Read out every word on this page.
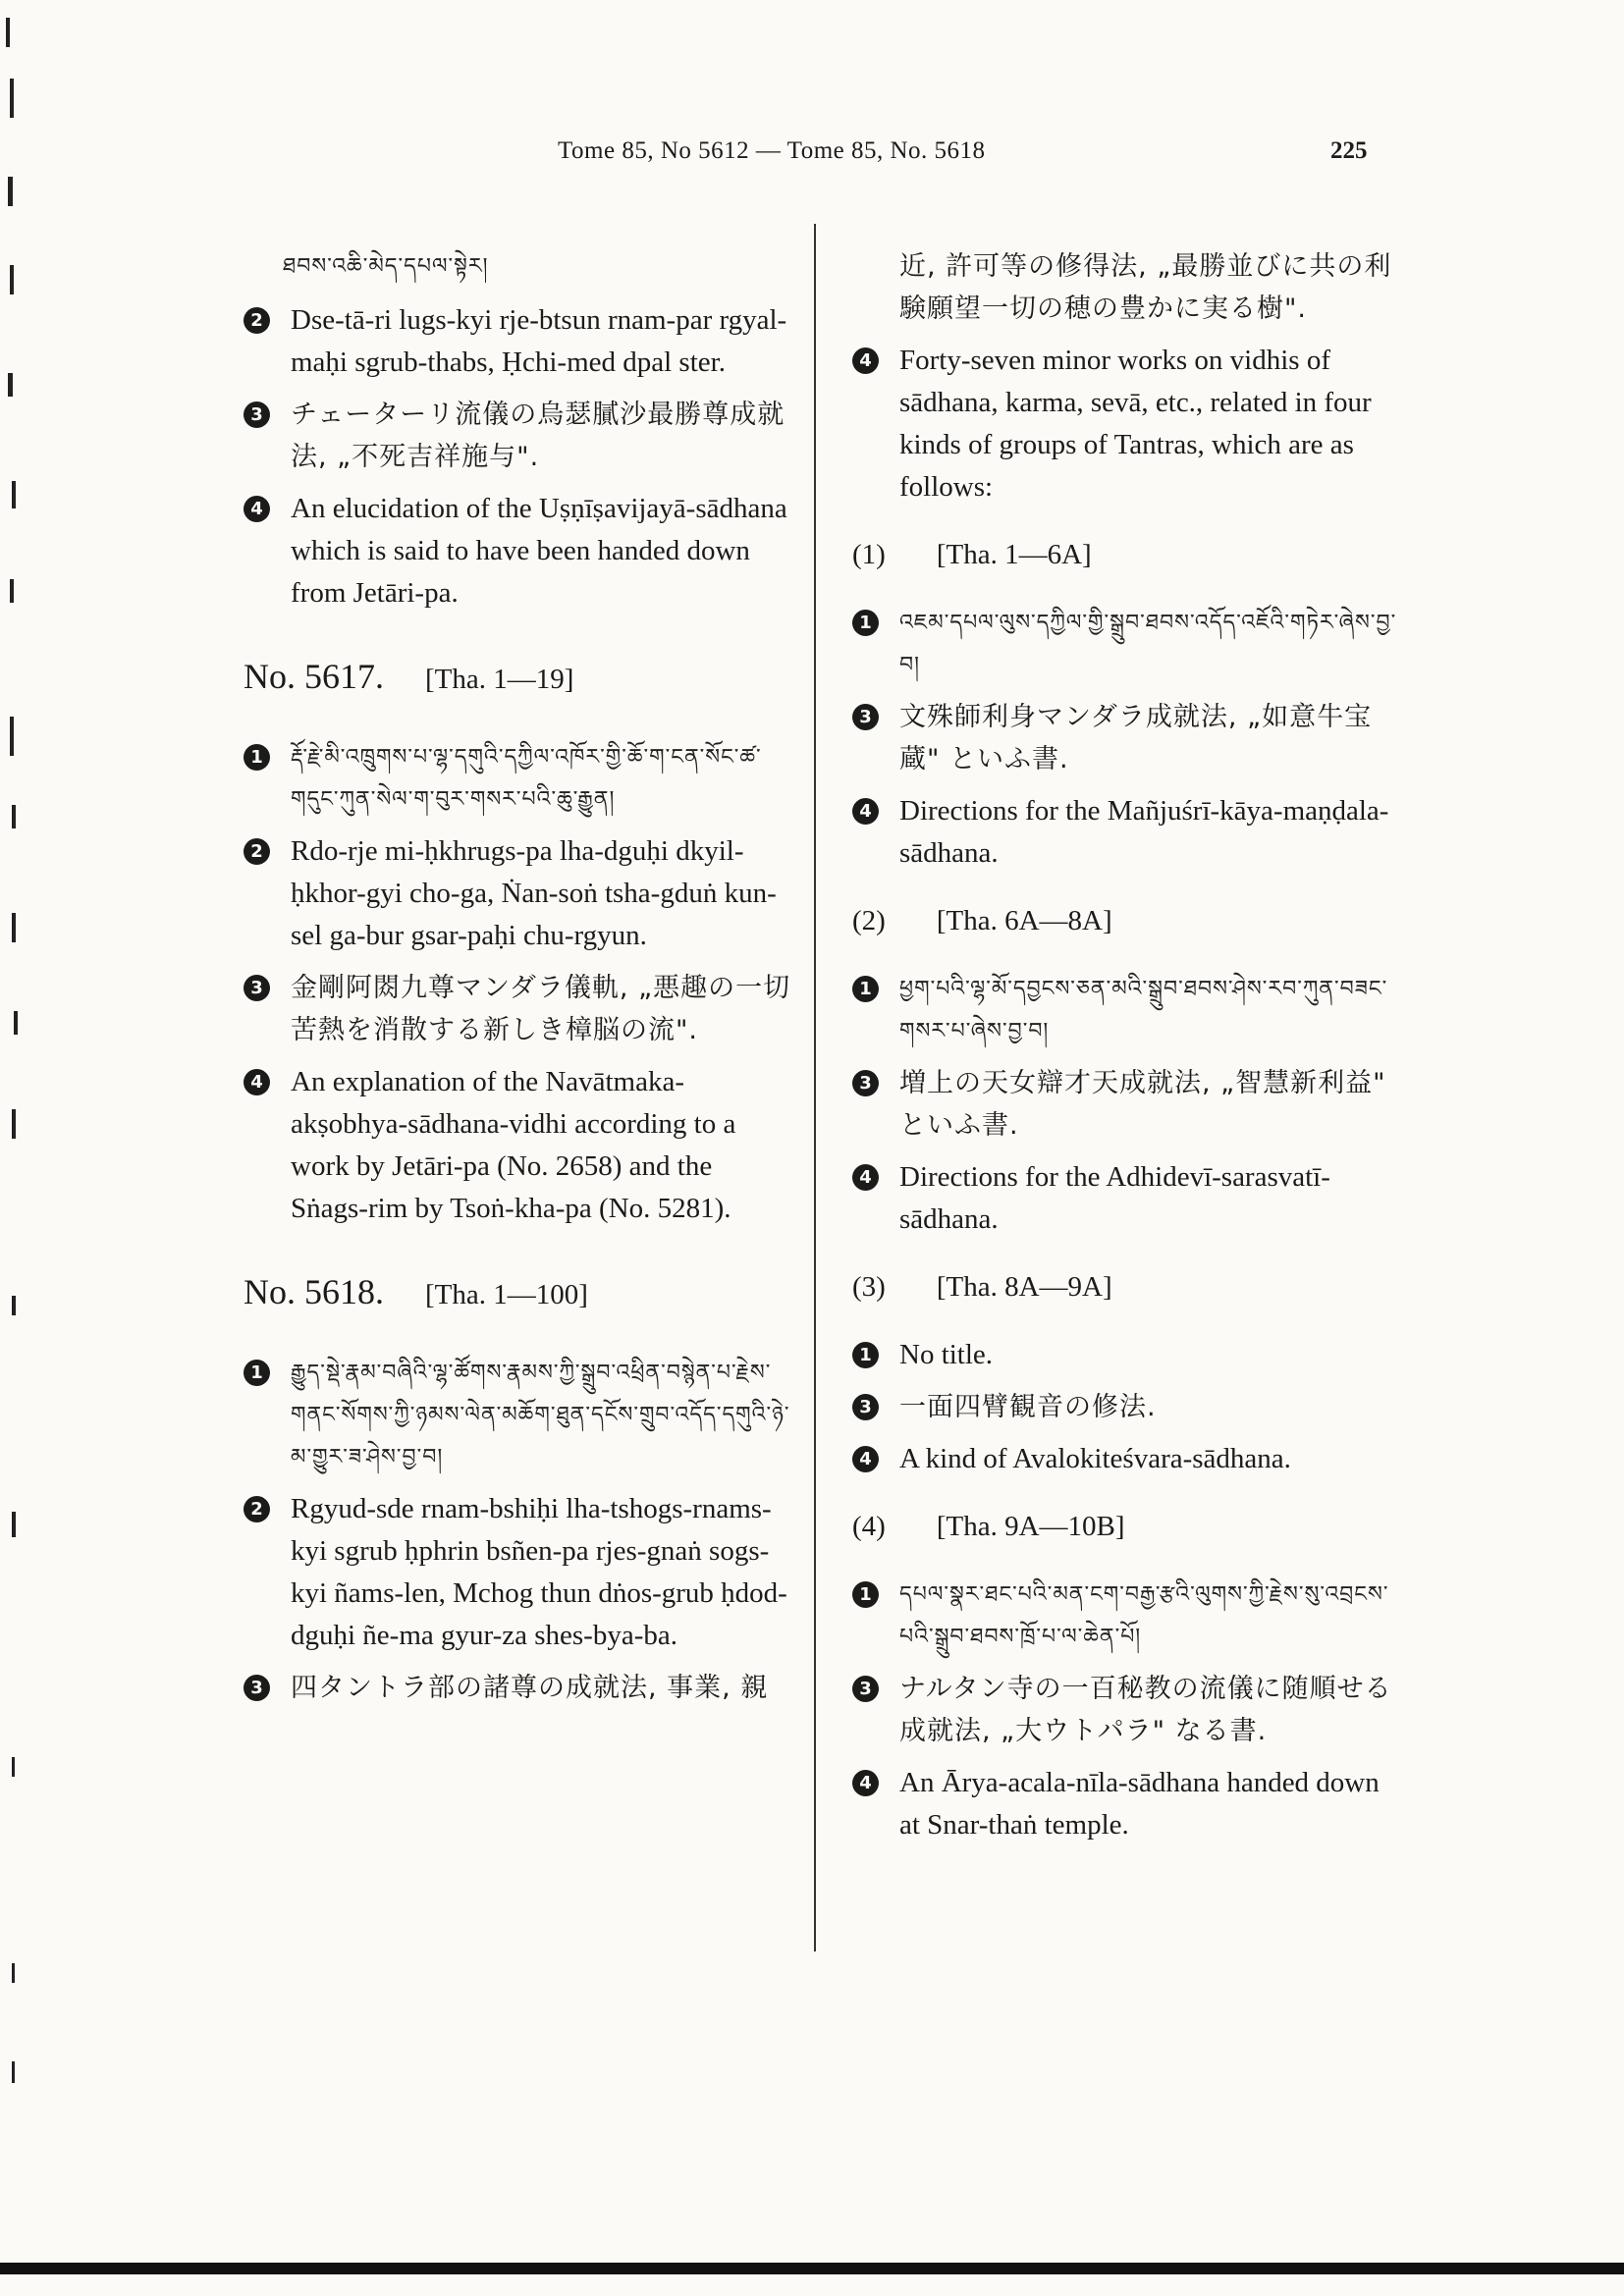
Tome 85, No 5612 — Tome 85, No. 5618	225
ཐབས་འཆི་མེད་དཔལ་སྟེར།
2 Dse-tā-ri lugs-kyi rje-btsun rnam-par rgyal-maḥi sgrub-thabs, Ḥchi-med dpal ster.
3 チェーターリ流儀の烏瑟膩沙最勝尊成就法, „不死吉祥施与".
4 An elucidation of the Uṣṇīṣavijayā-sādhana which is said to have been handed down from Jetāri-pa.
No. 5617. [Tha. 1—19]
1	རྡོ་རྗེ་མི་འཁྲུགས་པ་ལྷ་དགུའི་དཀྱིལ་འཁོར་གྱི་ཆོ་ག་ངན་སོང་ཚ་གདུང་ཀུན་སེལ་ག་བུར་གསར་པའི་ཆུ་རྒྱུན།
2 Rdo-rje mi-ḥkhrugs-pa lha-dguḥi dkyil-ḥkhor-gyi cho-ga, Ṅan-soṅ tsha-gduṅ kun-sel ga-bur gsar-paḥi chu-rgyun.
3 金剛阿閦九尊マンダラ儀軌, „悪趣の一切苦熱を消散する新しき樟脳の流".
4 An explanation of the Navātmaka-akṣobhya-sādhana-vidhi according to a work by Jetāri-pa (No. 2658) and the Sṅags-rim by Tsoṅ-kha-pa (No. 5281).
No. 5618. [Tha. 1—100]
1	རྒྱུད་སྡེ་རྣམ་བཞིའི་ལྷ་ཚོགས་རྣམས་ཀྱི་སྒྲུབ་འཕྲིན་བསྙེན་པ་རྗེས་གནང་སོགས་ཀྱི་ཉམས་ལེན་མཆོག་ཐུན་དངོས་གྲུབ་འདོད་དགུའི་ཉེ་མ་གྱུར་ཟ་ཤེས་བྱ་བ།
2 Rgyud-sde rnam-bshiḥi lha-tshogs-rnams-kyi sgrub ḥphrin bsñen-pa rjes-gnaṅ sogs-kyi ñams-len, Mchog thun dṅos-grub ḥdod-dguḥi ñe-ma gyur-za shes-bya-ba.
3 四タントラ部の諸尊の成就法, 事業, 親
近, 許可等の修得法, „最勝並びに共の利験願望一切の穂の豊かに実る樹".
4 Forty-seven minor works on vidhis of sādhana, karma, sevā, etc., related in four kinds of groups of Tantras, which are as follows:
(1) [Tha. 1—6A]
1	འཇམ་དཔལ་ལུས་དཀྱིལ་གྱི་སྒྲུབ་ཐབས་འདོད་འཇོའི་གཏེར་ཞེས་བྱ་བ།
3 文殊師利身マンダラ成就法, „如意牛宝蔵" といふ書.
4 Directions for the Mañjuśrī-kāya-maṇḍala-sādhana.
(2) [Tha. 6A—8A]
1	ཕྱག་པའི་ལྷ་མོ་དབྱངས་ཅན་མའི་སྒྲུབ་ཐབས་ཤེས་རབ་ཀུན་བཟང་གསར་པ་ཞེས་བྱ་བ།
3 増上の天女辯才天成就法, „智慧新利益" といふ書.
4 Directions for the Adhidevī-sarasvatī-sādhana.
(3) [Tha. 8A—9A]
1 No title.
3 一面四臂観音の修法.
4 A kind of Avalokiteśvara-sādhana.
(4) [Tha. 9A—10B]
1	དཔལ་སྣར་ཐང་པའི་མན་ངག་བརྒྱ་རྩའི་ལུགས་ཀྱི་རྗེས་སུ་འབྲངས་པའི་སྒྲུབ་ཐབས་ཁྲོ་པ་ལ་ཆེན་པོ།
3 ナルタン寺の一百秘教の流儀に随順せる成就法, „大ウトパラ" なる書.
4 An Ārya-acala-nīla-sādhana handed down at Snar-thaṅ temple.
